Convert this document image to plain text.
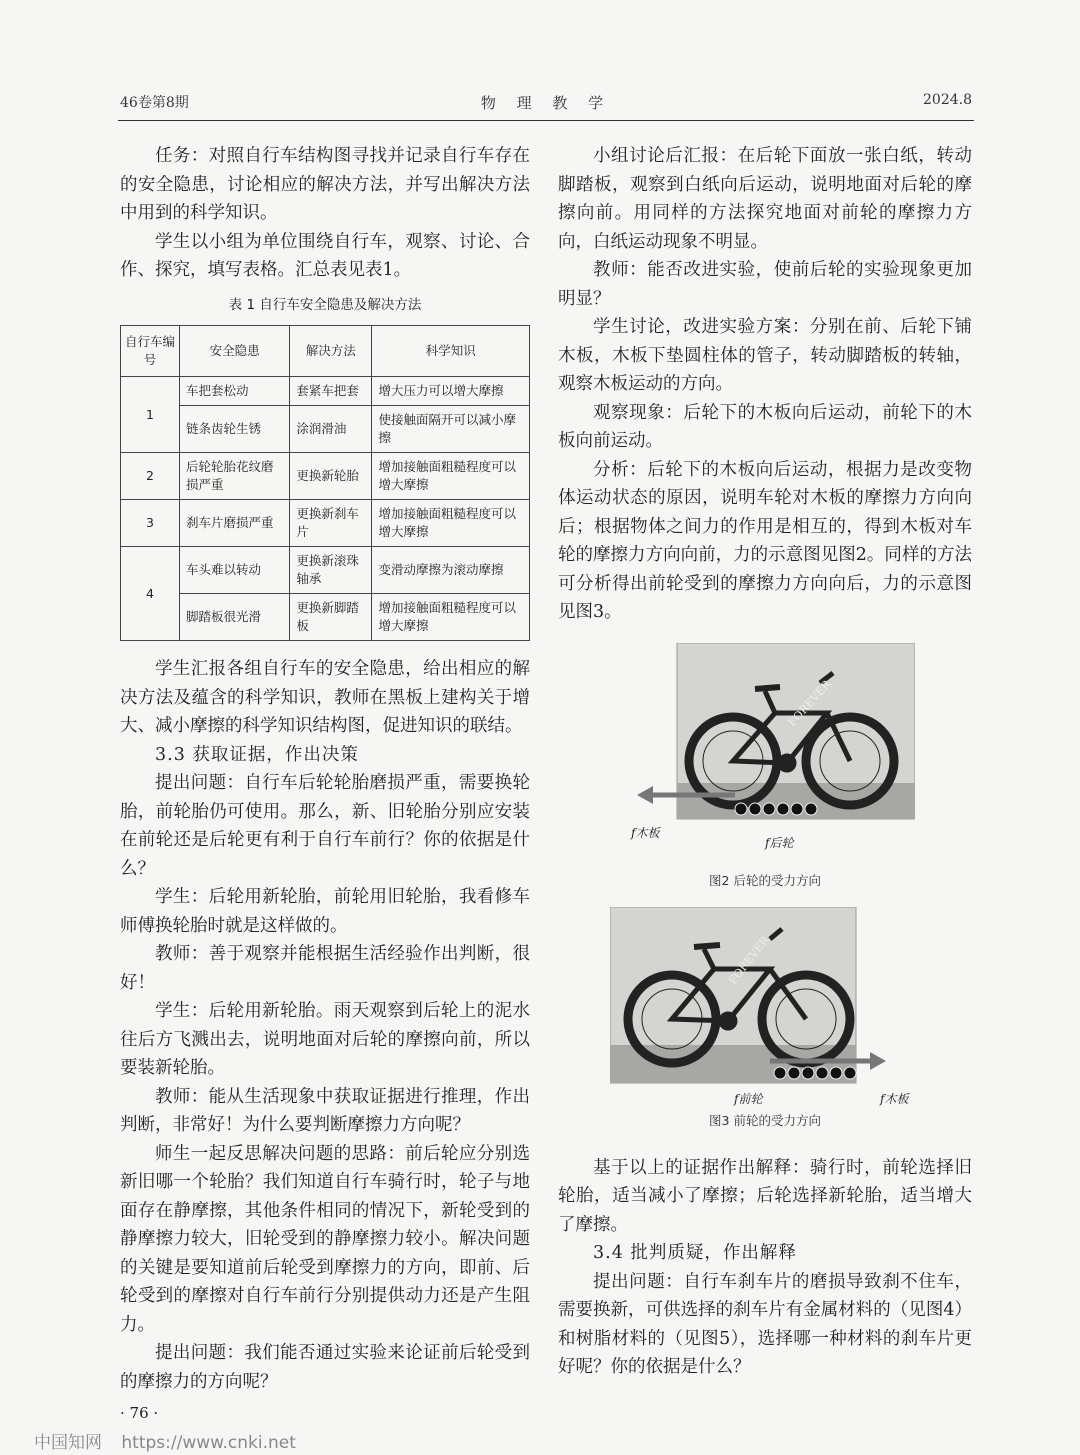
46卷第8期	物 理 教 学	2024.8

任务：对照自行车结构图寻找并记录自行车存在的安全隐患，讨论相应的解决方法，并写出解决方法中用到的科学知识。

学生以小组为单位围绕自行车，观察、讨论、合作、探究，填写表格。汇总表见表1。

表 1 自行车安全隐患及解决方法
自行车编号	安全隐患	解决方法	科学知识
1	车把套松动	套紧车把套	增大压力可以增大摩擦
	链条齿轮生锈	涂润滑油	使接触面隔开可以减小摩擦
2	后轮轮胎花纹磨损严重	更换新轮胎	增加接触面粗糙程度可以增大摩擦
3	刹车片磨损严重	更换新刹车片	增加接触面粗糙程度可以增大摩擦
4	车头难以转动	更换新滚珠轴承	变滑动摩擦为滚动摩擦
	脚踏板很光滑	更换新脚踏板	增加接触面粗糙程度可以增大摩擦

学生汇报各组自行车的安全隐患，给出相应的解决方法及蕴含的科学知识，教师在黑板上建构关于增大、减小摩擦的科学知识结构图，促进知识的联结。

3.3 获取证据，作出决策

提出问题：自行车后轮轮胎磨损严重，需要换轮胎，前轮胎仍可使用。那么，新、旧轮胎分别应安装在前轮还是后轮更有利于自行车前行？你的依据是什么？

学生：后轮用新轮胎，前轮用旧轮胎，我看修车师傅换轮胎时就是这样做的。

教师：善于观察并能根据生活经验作出判断，很好！

学生：后轮用新轮胎。雨天观察到后轮上的泥水往后方飞溅出去，说明地面对后轮的摩擦向前，所以要装新轮胎。

教师：能从生活现象中获取证据进行推理，作出判断，非常好！为什么要判断摩擦力方向呢？

师生一起反思解决问题的思路：前后轮应分别选新旧哪一个轮胎？我们知道自行车骑行时，轮子与地面存在静摩擦，其他条件相同的情况下，新轮受到的静摩擦力较大，旧轮受到的静摩擦力较小。解决问题的关键是要知道前后轮受到摩擦力的方向，即前、后轮受到的摩擦对自行车前行分别提供动力还是产生阻力。

提出问题：我们能否通过实验来论证前后轮受到的摩擦力的方向呢？

小组讨论后汇报：在后轮下面放一张白纸，转动脚踏板，观察到白纸向后运动，说明地面对后轮的摩擦向前。用同样的方法探究地面对前轮的摩擦力方向，白纸运动现象不明显。

教师：能否改进实验，使前后轮的实验现象更加明显？

学生讨论，改进实验方案：分别在前、后轮下铺木板，木板下垫圆柱体的管子，转动脚踏板的转轴，观察木板运动的方向。

观察现象：后轮下的木板向后运动，前轮下的木板向前运动。

分析：后轮下的木板向后运动，根据力是改变物体运动状态的原因，说明车轮对木板的摩擦力方向向后；根据物体之间力的作用是相互的，得到木板对车轮的摩擦力方向向前，力的示意图见图2。同样的方法可分析得出前轮受到的摩擦力方向向后，力的示意图见图3。

FOREVER
f木板
f后轮
图2 后轮的受力方向
FOREVER
f前轮	f木板
图3 前轮的受力方向

基于以上的证据作出解释：骑行时，前轮选择旧轮胎，适当减小了摩擦；后轮选择新轮胎，适当增大了摩擦。

3.4 批判质疑，作出解释

提出问题：自行车刹车片的磨损导致刹不住车，需要换新，可供选择的刹车片有金属材料的（见图4）和树脂材料的（见图5），选择哪一种材料的刹车片更好呢？你的依据是什么？

· 76 ·
中国知网 https://www.cnki.net
